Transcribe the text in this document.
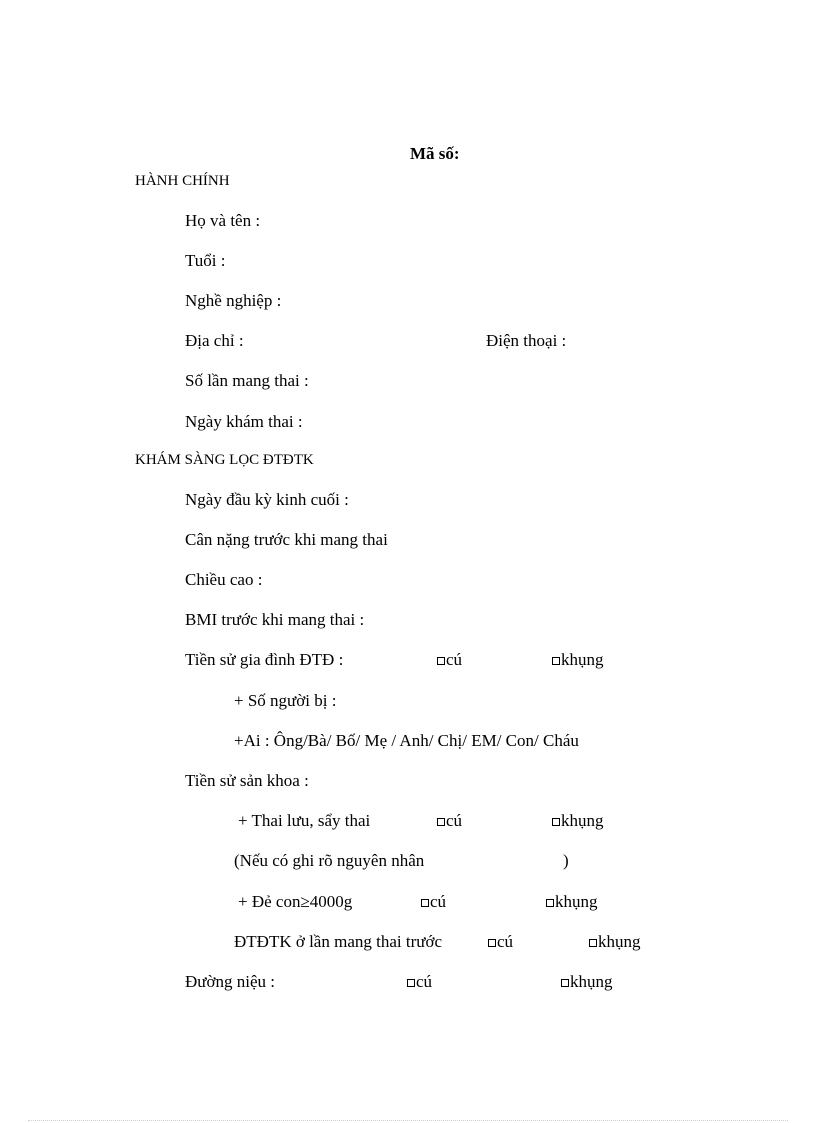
Mã số:
HÀNH CHÍNH
Họ và tên :
Tuổi :
Nghề nghiệp :
Địa chỉ :	Điện thoại :
Số lần mang thai :
Ngày khám thai :
KHÁM SÀNG LỌC ĐTĐTK
Ngày đầu kỳ kinh cuối :
Cân nặng trước khi mang thai
Chiều cao :
BMI trước khi mang thai :
Tiền sử gia đình ĐTĐ :	cú	khụng
+ Số người bị :
+Ai : Ông/Bà/ Bố/ Mẹ / Anh/ Chị/ EM/ Con/ Cháu
Tiền sử sản khoa :
+ Thai lưu, sẩy thai	cú	khụng
(Nếu có ghi rõ nguyên nhân	)
+ Đẻ con≥4000g	cú	khụng
ĐTĐTK ở lần mang thai trước	cú	khụng
Đường niệu :	cú	khụng
